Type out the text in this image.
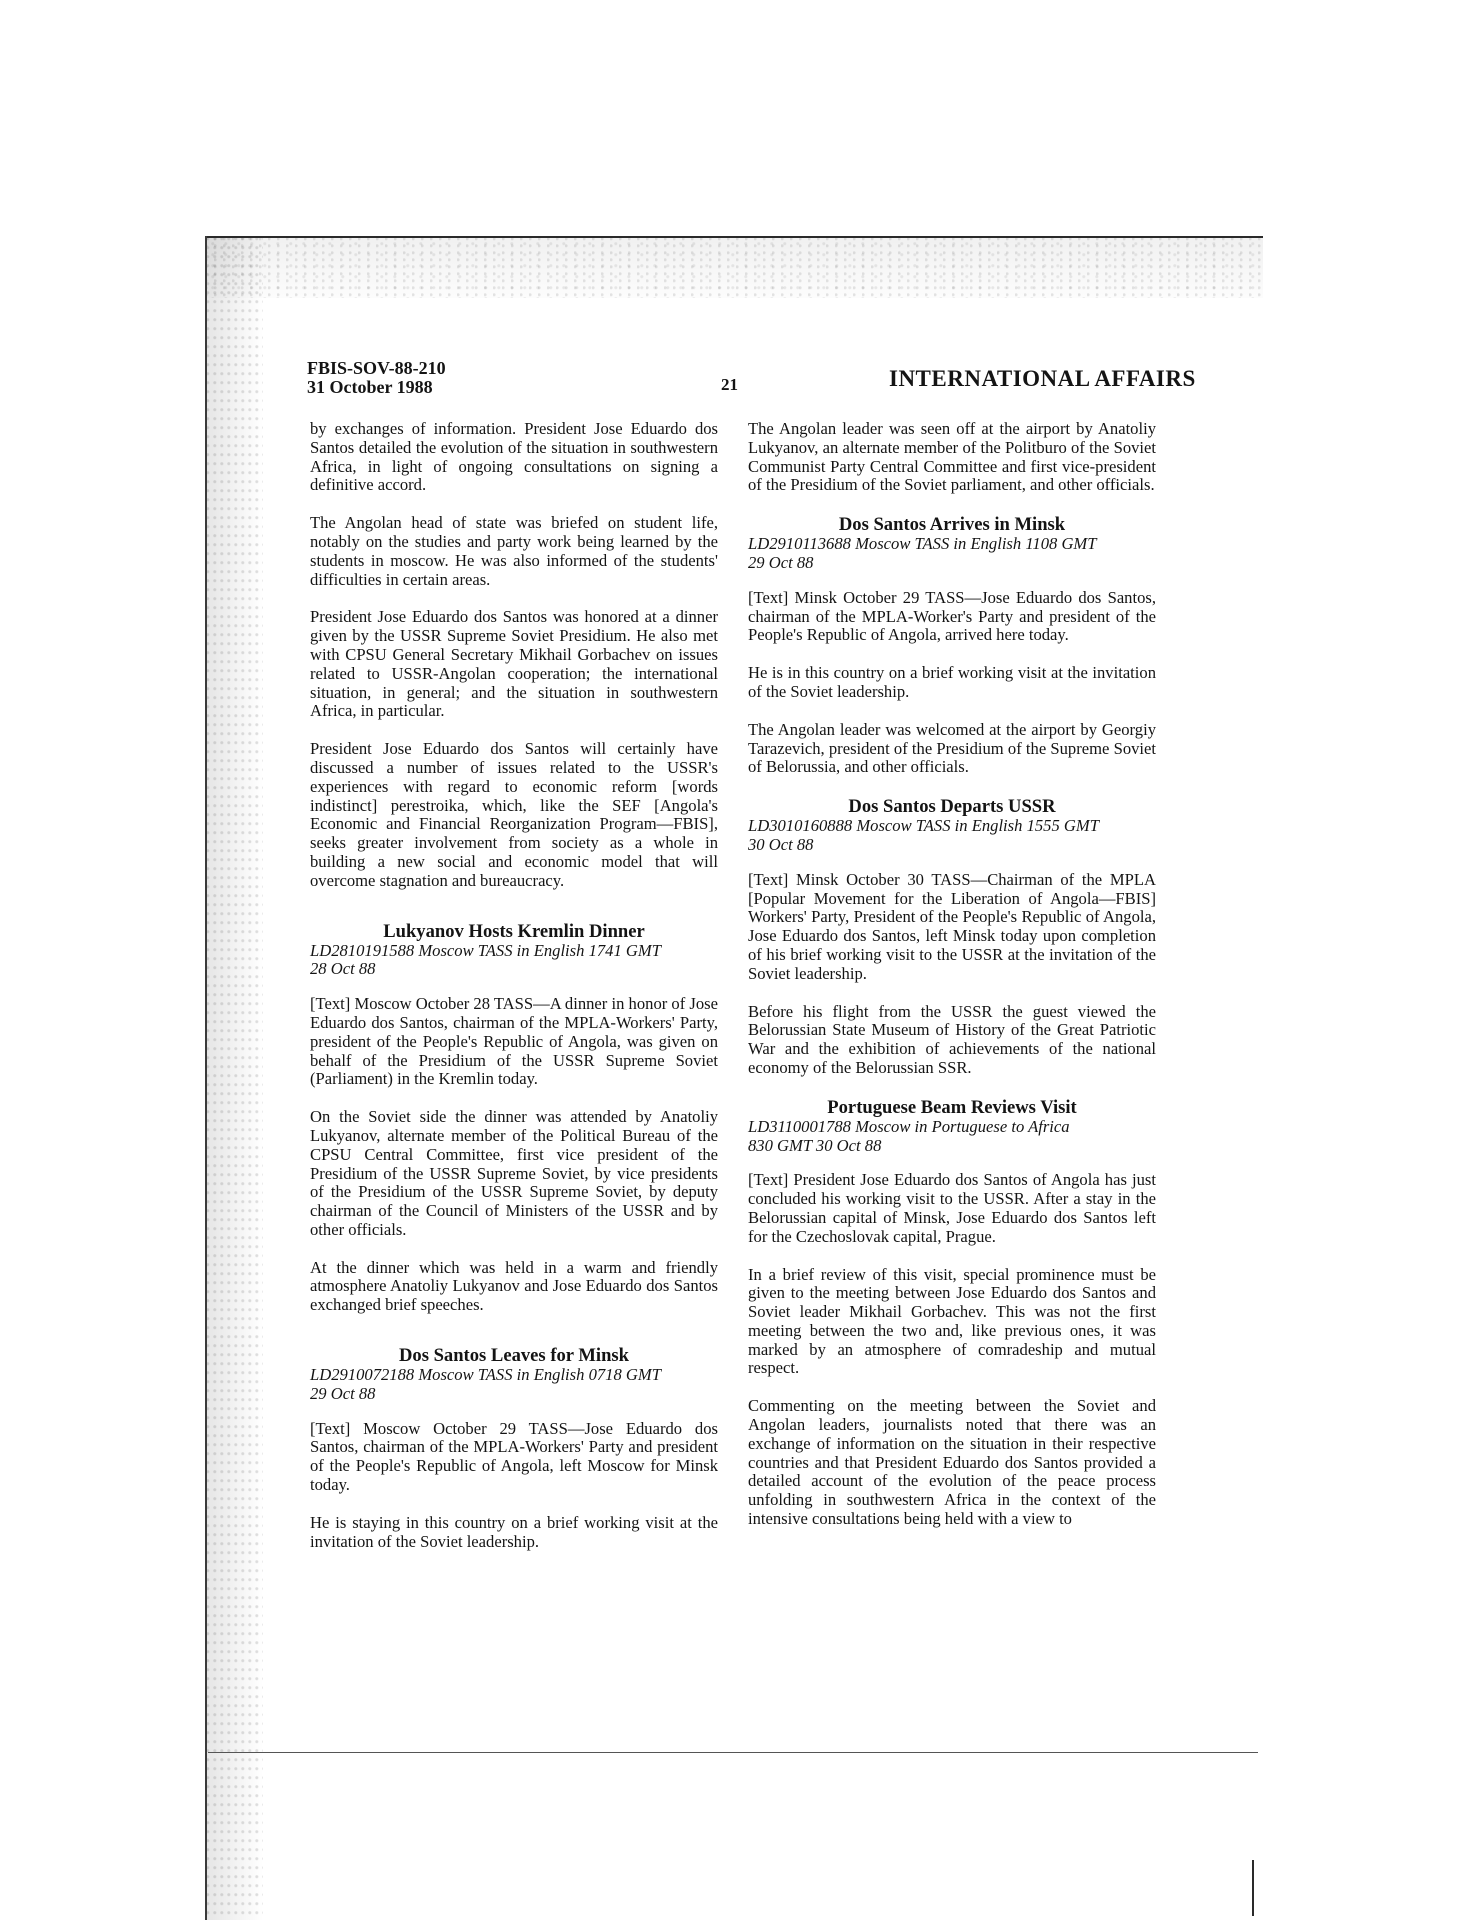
FBIS-SOV-88-210
31 October 1988	21	INTERNATIONAL AFFAIRS

by exchanges of information. President Jose Eduardo dos Santos detailed the evolution of the situation in southwestern Africa, in light of ongoing consultations on signing a definitive accord.

The Angolan head of state was briefed on student life, notably on the studies and party work being learned by the students in moscow. He was also informed of the students' difficulties in certain areas.

President Jose Eduardo dos Santos was honored at a dinner given by the USSR Supreme Soviet Presidium. He also met with CPSU General Secretary Mikhail Gorbachev on issues related to USSR-Angolan cooperation; the international situation, in general; and the situation in southwestern Africa, in particular.

President Jose Eduardo dos Santos will certainly have discussed a number of issues related to the USSR's experiences with regard to economic reform [words indistinct] perestroika, which, like the SEF [Angola's Economic and Financial Reorganization Program—FBIS], seeks greater involvement from society as a whole in building a new social and economic model that will overcome stagnation and bureaucracy.

Lukyanov Hosts Kremlin Dinner
LD2810191588 Moscow TASS in English 1741 GMT
28 Oct 88

[Text] Moscow October 28 TASS—A dinner in honor of Jose Eduardo dos Santos, chairman of the MPLA-Workers' Party, president of the People's Republic of Angola, was given on behalf of the Presidium of the USSR Supreme Soviet (Parliament) in the Kremlin today.

On the Soviet side the dinner was attended by Anatoliy Lukyanov, alternate member of the Political Bureau of the CPSU Central Committee, first vice president of the Presidium of the USSR Supreme Soviet, by vice presidents of the Presidium of the USSR Supreme Soviet, by deputy chairman of the Council of Ministers of the USSR and by other officials.

At the dinner which was held in a warm and friendly atmosphere Anatoliy Lukyanov and Jose Eduardo dos Santos exchanged brief speeches.

Dos Santos Leaves for Minsk
LD2910072188 Moscow TASS in English 0718 GMT
29 Oct 88

[Text] Moscow October 29 TASS—Jose Eduardo dos Santos, chairman of the MPLA-Workers' Party and president of the People's Republic of Angola, left Moscow for Minsk today.

He is staying in this country on a brief working visit at the invitation of the Soviet leadership.

The Angolan leader was seen off at the airport by Anatoliy Lukyanov, an alternate member of the Politburo of the Soviet Communist Party Central Committee and first vice-president of the Presidium of the Soviet parliament, and other officials.

Dos Santos Arrives in Minsk
LD2910113688 Moscow TASS in English 1108 GMT
29 Oct 88

[Text] Minsk October 29 TASS—Jose Eduardo dos Santos, chairman of the MPLA-Worker's Party and president of the People's Republic of Angola, arrived here today.

He is in this country on a brief working visit at the invitation of the Soviet leadership.

The Angolan leader was welcomed at the airport by Georgiy Tarazevich, president of the Presidium of the Supreme Soviet of Belorussia, and other officials.

Dos Santos Departs USSR
LD3010160888 Moscow TASS in English 1555 GMT
30 Oct 88

[Text] Minsk October 30 TASS—Chairman of the MPLA [Popular Movement for the Liberation of Angola—FBIS] Workers' Party, President of the People's Republic of Angola, Jose Eduardo dos Santos, left Minsk today upon completion of his brief working visit to the USSR at the invitation of the Soviet leadership.

Before his flight from the USSR the guest viewed the Belorussian State Museum of History of the Great Patriotic War and the exhibition of achievements of the national economy of the Belorussian SSR.

Portuguese Beam Reviews Visit
LD3110001788 Moscow in Portuguese to Africa
830 GMT 30 Oct 88

[Text] President Jose Eduardo dos Santos of Angola has just concluded his working visit to the USSR. After a stay in the Belorussian capital of Minsk, Jose Eduardo dos Santos left for the Czechoslovak capital, Prague.

In a brief review of this visit, special prominence must be given to the meeting between Jose Eduardo dos Santos and Soviet leader Mikhail Gorbachev. This was not the first meeting between the two and, like previous ones, it was marked by an atmosphere of comradeship and mutual respect.

Commenting on the meeting between the Soviet and Angolan leaders, journalists noted that there was an exchange of information on the situation in their respective countries and that President Eduardo dos Santos provided a detailed account of the evolution of the peace process unfolding in southwestern Africa in the context of the intensive consultations being held with a view to
